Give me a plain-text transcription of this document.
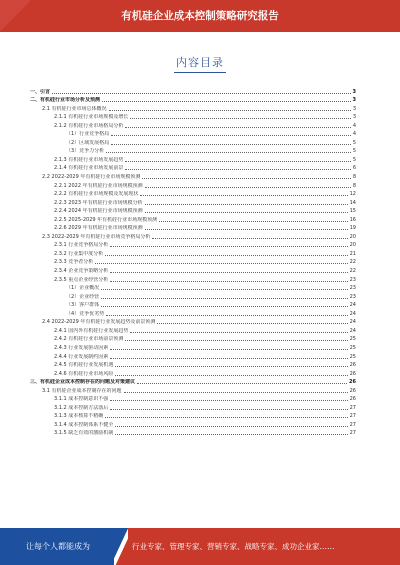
有机硅企业成本控制策略研究报告
内容目录
一、引言	3
二、有机硅行业市场分析及预测	3
2.1 有机硅行业市场总体概况	3
2.1.1 有机硅行业市场规模及增长	3
2.1.2 有机硅行业市场格局分析	4
（1）行业竞争格局	4
（2）区域发展格局	5
（3）竞争力分析	5
2.1.3 有机硅行业市场发展趋势	5
2.1.4 有机硅行业市场发展前景	6
2.2 2022-2029 年有机硅行业市场规模预测	8
2.2.1 2022 年有机硅行业市场规模预测	8
2.2.2 有机硅行业市场规模及发展现状	12
2.2.3 2023 年有机硅行业市场规模分析	14
2.2.4 2024 年有机硅行业市场规模预测	15
2.2.5 2025-2029 年有机硅行业市场规模预测	16
2.2.6 2029 年有机硅行业市场规模预测	19
2.3 2022-2029 年有机硅行业市场竞争格局分析	20
2.3.1 行业竞争格局分析	20
2.3.2 行业集中度分析	21
2.3.3 竞争者分析	22
2.3.4 企业竞争策略分析	22
2.3.5 重点企业经营分析	23
（1）企业概况	23
（2）企业经营	23
（3）客户群体	24
（4）竞争优劣势	24
2.4 2022-2029 年有机硅行业发展趋势及前景预测	24
2.4.1 国内外有机硅行业发展趋势	24
2.4.2 有机硅行业市场前景预测	25
2.4.3 行业发展驱动因素	25
2.4.4 行业发展制约因素	25
2.4.5 有机硅行业发展机遇	26
2.4.6 有机硅行业市场风险	26
三、有机硅企业成本控制存在的问题及对策建议	26
3.1 有机硅企业成本控制存在的问题	26
3.1.1 成本控制意识不强	26
3.1.2 成本控制方法落后	27
3.1.3 成本核算不精确	27
3.1.4 成本控制体系不健全	27
3.1.5 缺乏有效的激励机制	27
让每个人都能成为	行业专家、管理专家、营销专家、战略专家、成功企业家……
